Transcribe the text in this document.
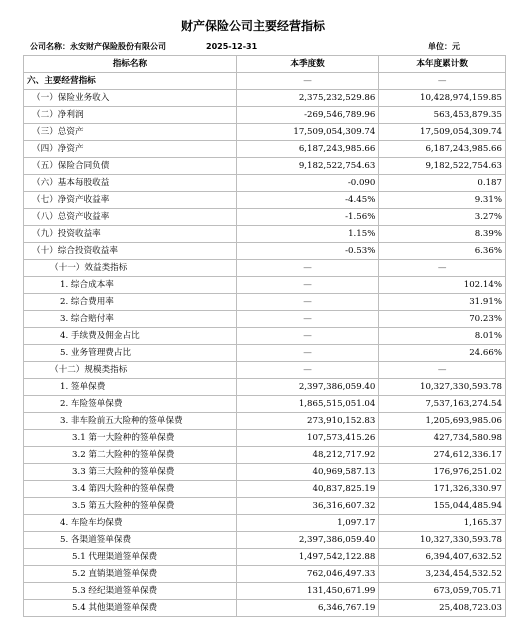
财产保险公司主要经营指标
公司名称：永安财产保险股份有限公司	2025-12-31	单位：元
指标名称	本季度数	本年度累计数
六、主要经营指标	—	—
（一）保险业务收入	2,375,232,529.86	10,428,974,159.85
（二）净利润	-269,546,789.96	563,453,879.35
（三）总资产	17,509,054,309.74	17,509,054,309.74
（四）净资产	6,187,243,985.66	6,187,243,985.66
（五）保险合同负债	9,182,522,754.63	9,182,522,754.63
（六）基本每股收益	-0.090	0.187
（七）净资产收益率	-4.45%	9.31%
（八）总资产收益率	-1.56%	3.27%
（九）投资收益率	1.15%	8.39%
（十）综合投资收益率	-0.53%	6.36%
（十一）效益类指标	—	—
1. 综合成本率	—	102.14%
2. 综合费用率	—	31.91%
3. 综合赔付率	—	70.23%
4. 手续费及佣金占比	—	8.01%
5. 业务管理费占比	—	24.66%
（十二）规模类指标	—	—
1. 签单保费	2,397,386,059.40	10,327,330,593.78
2. 车险签单保费	1,865,515,051.04	7,537,163,274.54
3. 非车险前五大险种的签单保费	273,910,152.83	1,205,693,985.06
3.1 第一大险种的签单保费	107,573,415.26	427,734,580.98
3.2 第二大险种的签单保费	48,212,717.92	274,612,336.17
3.3 第三大险种的签单保费	40,969,587.13	176,976,251.02
3.4 第四大险种的签单保费	40,837,825.19	171,326,330.97
3.5 第五大险种的签单保费	36,316,607.32	155,044,485.94
4. 车险车均保费	1,097.17	1,165.37
5. 各渠道签单保费	2,397,386,059.40	10,327,330,593.78
5.1 代理渠道签单保费	1,497,542,122.88	6,394,407,632.52
5.2 直销渠道签单保费	762,046,497.33	3,234,454,532.52
5.3 经纪渠道签单保费	131,450,671.99	673,059,705.71
5.4 其他渠道签单保费	6,346,767.19	25,408,723.03
